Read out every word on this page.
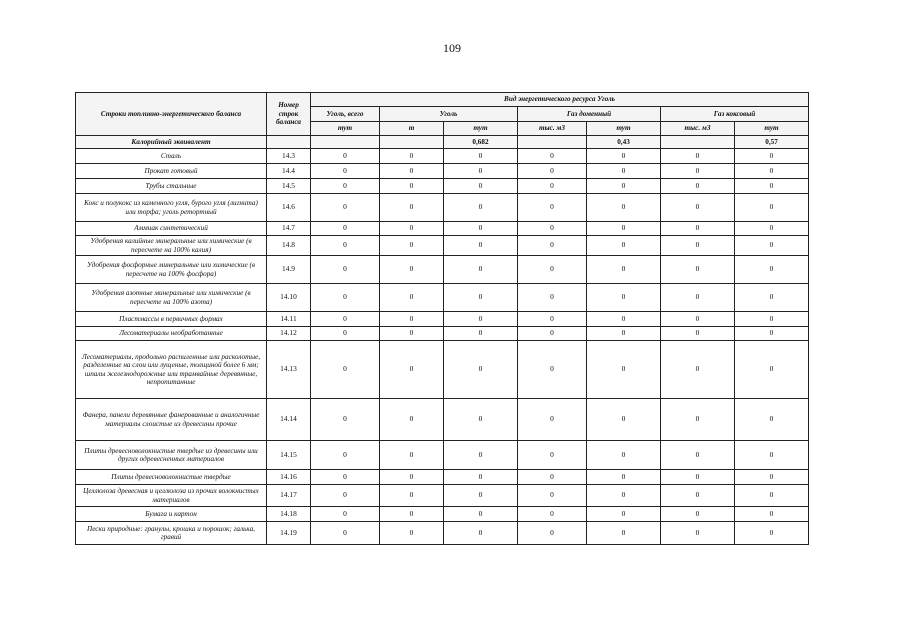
109
Строки топливно-энергетического баланса	Номер строк баланса	Вид энергетического ресурса Уголь						
		Уголь, всего	Уголь		Газ доменный		Газ коксовый	
		тут	т	тут	тыс. м3	тут	тыс. м3	тут
Калорийный эквивалент				0,682		0,43		0,57
Сталь	14.3	0	0	0	0	0	0	0
Прокат готовый	14.4	0	0	0	0	0	0	0
Трубы стальные	14.5	0	0	0	0	0	0	0
Кокс и полукокс из каменного угля, бурого угля (лигнита) или торфа; уголь ретортный	14.6	0	0	0	0	0	0	0
Аммиак синтетический	14.7	0	0	0	0	0	0	0
Удобрения калийные минеральные или химические (в пересчете на 100% калия)	14.8	0	0	0	0	0	0	0
Удобрения фосфорные минеральные или химические (в пересчете на 100% фосфора)	14.9	0	0	0	0	0	0	0
Удобрения азотные минеральные или химические (в пересчете на 100% азота)	14.10	0	0	0	0	0	0	0
Пластмассы в первичных формах	14.11	0	0	0	0	0	0	0
Лесоматериалы необработанные	14.12	0	0	0	0	0	0	0
Лесоматериалы, продольно распиленные или расколотые, разделенные на слои или лущеные, толщиной более 6 мм; шпалы железнодорожные или трамвайные деревянные, непропитанные	14.13	0	0	0	0	0	0	0
Фанера, панели деревянные фанерованные и аналогичные материалы слоистые из древесины прочие	14.14	0	0	0	0	0	0	0
Плиты древесноволокнистые твердые из древесины или других одревесненных материалов	14.15	0	0	0	0	0	0	0
Плиты древесноволокнистые твердые	14.16	0	0	0	0	0	0	0
Целлюлоза древесная и целлюлоза из прочих волокнистых материалов	14.17	0	0	0	0	0	0	0
Бумага и картон	14.18	0	0	0	0	0	0	0
Пески природные: гранулы, крошка и порошок; галька, гравий	14.19	0	0	0	0	0	0	0
